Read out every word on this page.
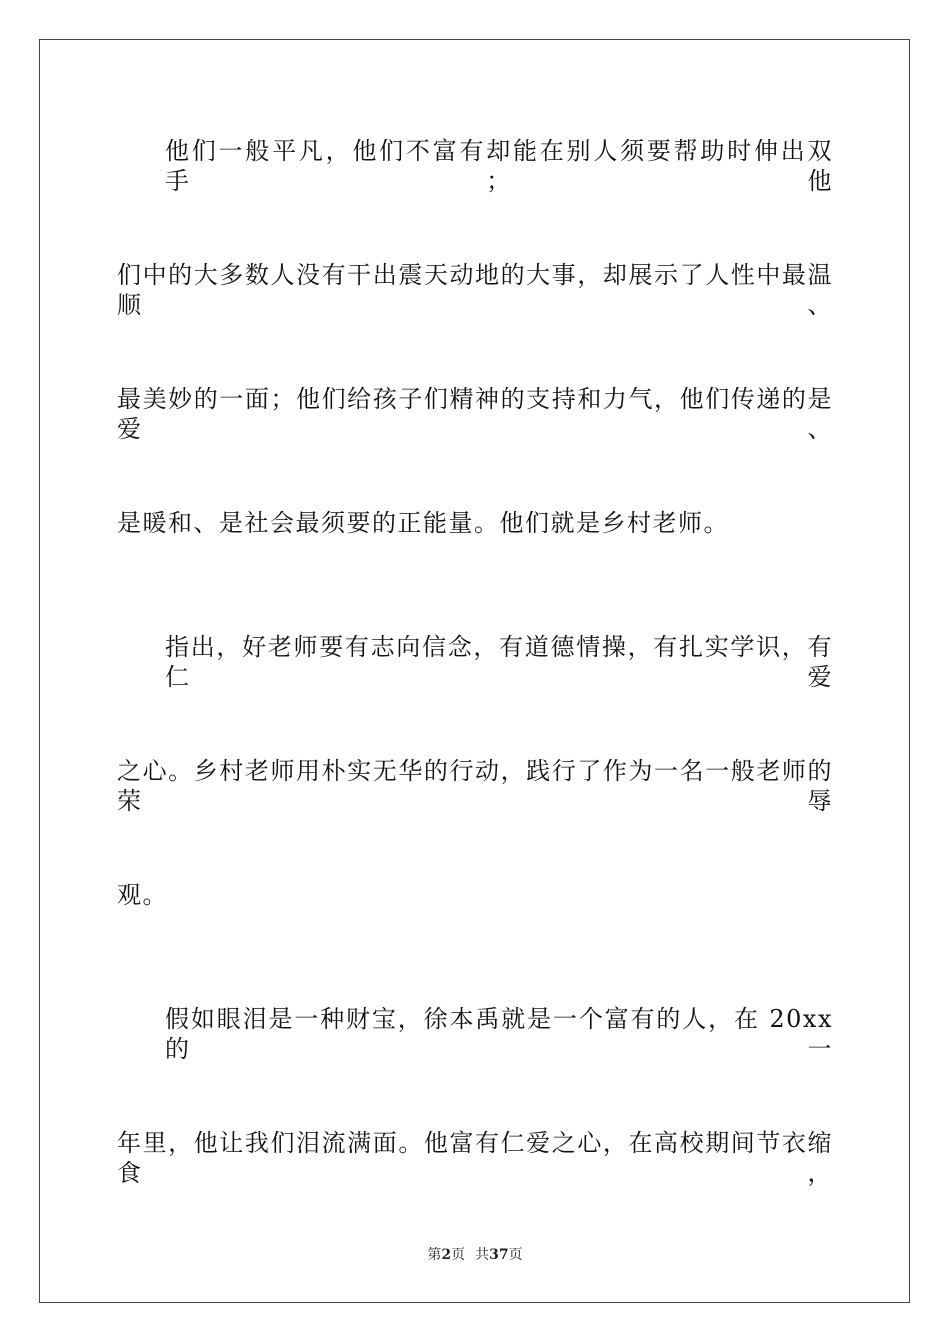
他们一般平凡，他们不富有却能在别人须要帮助时伸出双手；他
们中的大多数人没有干出震天动地的大事，却展示了人性中最温顺、
最美妙的一面；他们给孩子们精神的支持和力气，他们传递的是爱、
是暖和、是社会最须要的正能量。他们就是乡村老师。
指出，好老师要有志向信念，有道德情操，有扎实学识，有仁爱
之心。乡村老师用朴实无华的行动，践行了作为一名一般老师的荣辱
观。
假如眼泪是一种财宝，徐本禹就是一个富有的人，在 20xx 的一
年里，他让我们泪流满面。他富有仁爱之心，在高校期间节衣缩食，
第2页 共37页
